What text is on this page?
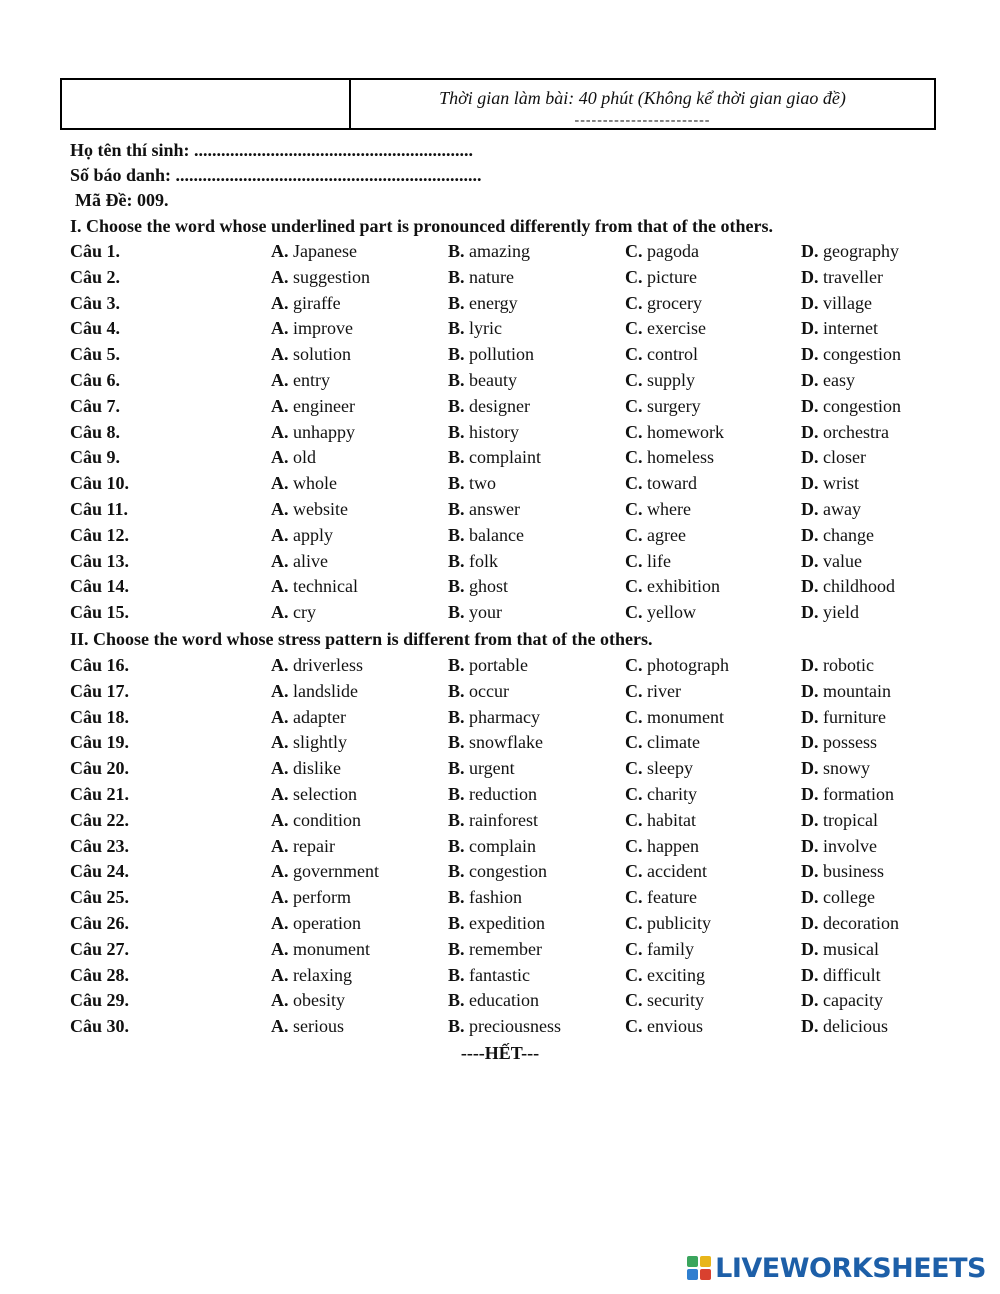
Thời gian làm bài: 40 phút (Không kể thời gian giao đề)
------------------------
Họ tên thí sinh: ..............................................................
Số báo danh: ....................................................................
Mã Đề: 009.
I. Choose the word whose underlined part is pronounced differently from that of the others.
Câu 1.	A. Japanese	B. amazing	C. pagoda	D. geography
Câu 2.	A. suggestion	B. nature	C. picture	D. traveller
Câu 3.	A. giraffe	B. energy	C. grocery	D. village
Câu 4.	A. improve	B. lyric	C. exercise	D. internet
Câu 5.	A. solution	B. pollution	C. control	D. congestion
Câu 6.	A. entry	B. beauty	C. supply	D. easy
Câu 7.	A. engineer	B. designer	C. surgery	D. congestion
Câu 8.	A. unhappy	B. history	C. homework	D. orchestra
Câu 9.	A. old	B. complaint	C. homeless	D. closer
Câu 10.	A. whole	B. two	C. toward	D. wrist
Câu 11.	A. website	B. answer	C. where	D. away
Câu 12.	A. apply	B. balance	C. agree	D. change
Câu 13.	A. alive	B. folk	C. life	D. value
Câu 14.	A. technical	B. ghost	C. exhibition	D. childhood
Câu 15.	A. cry	B. your	C. yellow	D. yield
II. Choose the word whose stress pattern is different from that of the others.
Câu 16.	A. driverless	B. portable	C. photograph	D. robotic
Câu 17.	A. landslide	B. occur	C. river	D. mountain
Câu 18.	A. adapter	B. pharmacy	C. monument	D. furniture
Câu 19.	A. slightly	B. snowflake	C. climate	D. possess
Câu 20.	A. dislike	B. urgent	C. sleepy	D. snowy
Câu 21.	A. selection	B. reduction	C. charity	D. formation
Câu 22.	A. condition	B. rainforest	C. habitat	D. tropical
Câu 23.	A. repair	B. complain	C. happen	D. involve
Câu 24.	A. government	B. congestion	C. accident	D. business
Câu 25.	A. perform	B. fashion	C. feature	D. college
Câu 26.	A. operation	B. expedition	C. publicity	D. decoration
Câu 27.	A. monument	B. remember	C. family	D. musical
Câu 28.	A. relaxing	B. fantastic	C. exciting	D. difficult
Câu 29.	A. obesity	B. education	C. security	D. capacity
Câu 30.	A. serious	B. preciousness	C. envious	D. delicious
----HẾT---
LIVEWORKSHEETS
